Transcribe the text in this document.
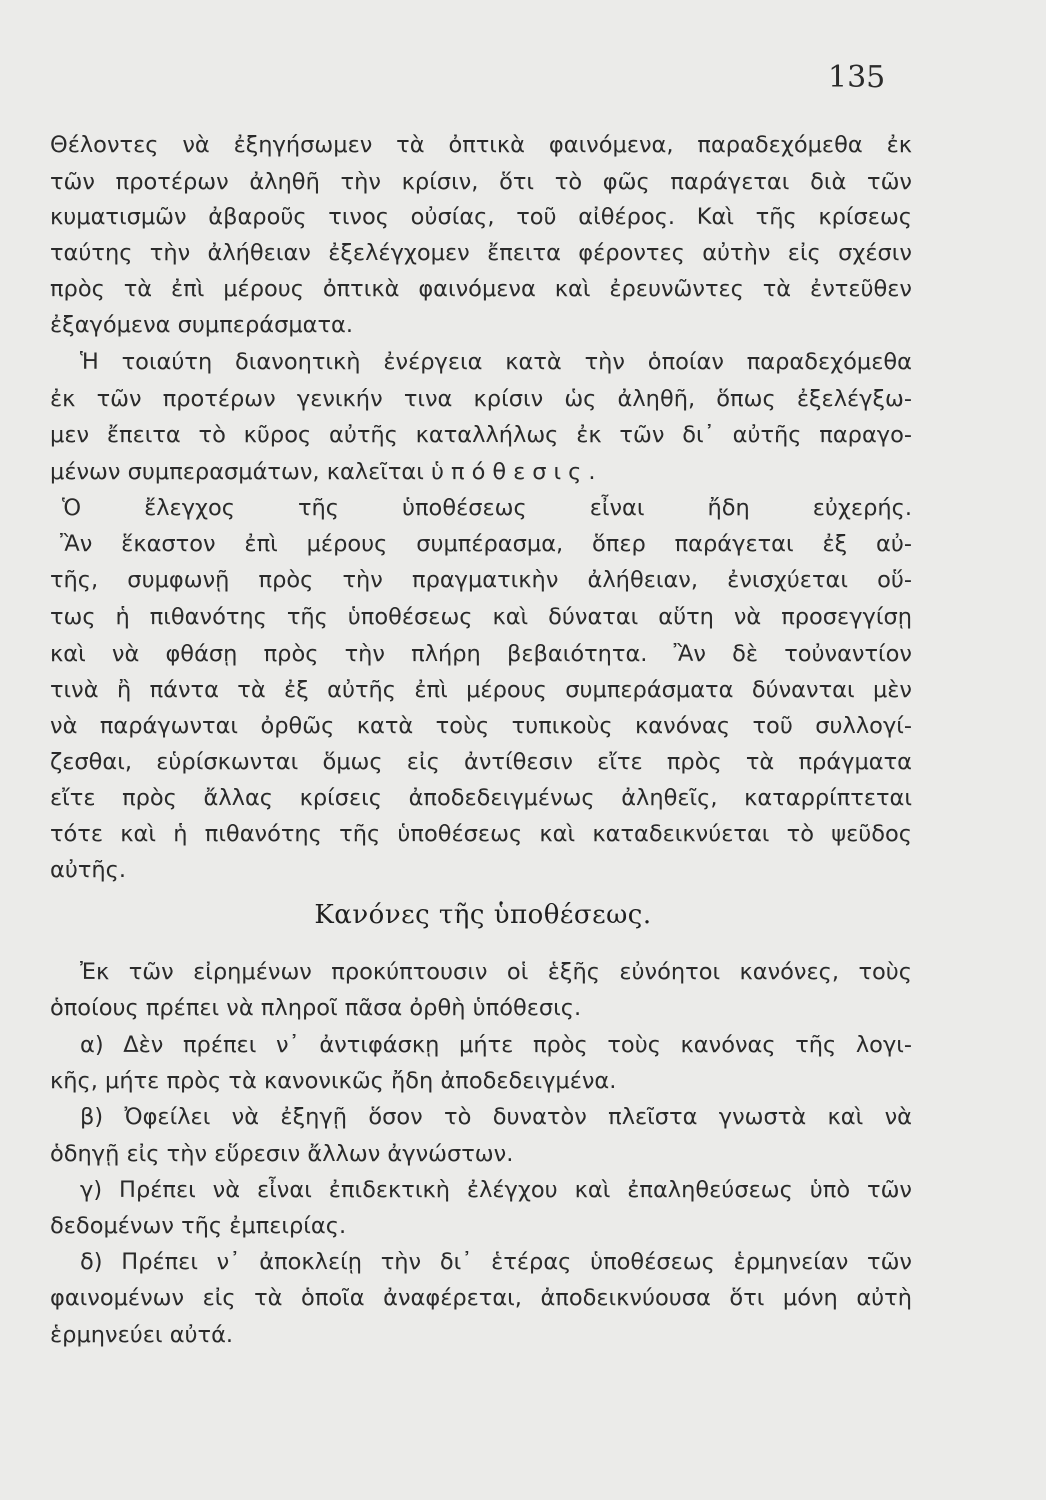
135
Θέλοντες νὰ ἐξηγήσωμεν τὰ ὀπτικὰ φαινόμενα, παραδεχόμεθα ἐκ
τῶν προτέρων ἀληθῆ τὴν κρίσιν, ὅτι τὸ φῶς παράγεται διὰ τῶν
κυματισμῶν ἀβαροῦς τινος οὐσίας, τοῦ αἰθέρος. Καὶ τῆς κρίσεως
ταύτης τὴν ἀλήθειαν ἐξελέγχομεν ἔπειτα φέροντες αὐτὴν εἰς σχέσιν
πρὸς τὰ ἐπὶ μέρους ὀπτικὰ φαινόμενα καὶ ἐρευνῶντες τὰ ἐντεῦθεν
ἐξαγόμενα συμπεράσματα.
Ἡ τοιαύτη διανοητικὴ ἐνέργεια κατὰ τὴν ὁποίαν παραδεχόμεθα
ἐκ τῶν προτέρων γενικήν τινα κρίσιν ὡς ἀληθῆ, ὅπως ἐξελέγξω-
μεν ἔπειτα τὸ κῦρος αὐτῆς καταλλήλως ἐκ τῶν δι᾽ αὐτῆς παραγο-
μένων συμπερασμάτων, καλεῖται ὑπόθεσις.
Ὁ ἔλεγχος τῆς ὑποθέσεως εἶναι ἤδη εὐχερής.
Ἂν ἕκαστον ἐπὶ μέρους συμπέρασμα, ὅπερ παράγεται ἐξ αὐ-
τῆς, συμφωνῇ πρὸς τὴν πραγματικὴν ἀλήθειαν, ἐνισχύεται οὕ-
τως ἡ πιθανότης τῆς ὑποθέσεως καὶ δύναται αὕτη νὰ προσεγγίσῃ
καὶ νὰ φθάσῃ πρὸς τὴν πλήρη βεβαιότητα. Ἂν δὲ τοὐναντίον
τινὰ ἢ πάντα τὰ ἐξ αὐτῆς ἐπὶ μέρους συμπεράσματα δύνανται μὲν
νὰ παράγωνται ὀρθῶς κατὰ τοὺς τυπικοὺς κανόνας τοῦ συλλογί-
ζεσθαι, εὑρίσκωνται ὅμως εἰς ἀντίθεσιν εἴτε πρὸς τὰ πράγματα
εἴτε πρὸς ἄλλας κρίσεις ἀποδεδειγμένως ἀληθεῖς, καταρρίπτεται
τότε καὶ ἡ πιθανότης τῆς ὑποθέσεως καὶ καταδεικνύεται τὸ ψεῦδος
αὐτῆς.
Κανόνες τῆς ὑποθέσεως.
Ἐκ τῶν εἰρημένων προκύπτουσιν οἱ ἑξῆς εὐνόητοι κανόνες, τοὺς
ὁποίους πρέπει νὰ πληροῖ πᾶσα ὀρθὴ ὑπόθεσις.
α) Δὲν πρέπει ν᾽ ἀντιφάσκῃ μήτε πρὸς τοὺς κανόνας τῆς λογι-
κῆς, μήτε πρὸς τὰ κανονικῶς ἤδη ἀποδεδειγμένα.
β) Ὀφείλει νὰ ἐξηγῇ ὅσον τὸ δυνατὸν πλεῖστα γνωστὰ καὶ νὰ
ὁδηγῇ εἰς τὴν εὕρεσιν ἄλλων ἀγνώστων.
γ) Πρέπει νὰ εἶναι ἐπιδεκτικὴ ἐλέγχου καὶ ἐπαληθεύσεως ὑπὸ τῶν
δεδομένων τῆς ἐμπειρίας.
δ) Πρέπει ν᾽ ἀποκλείῃ τὴν δι᾽ ἑτέρας ὑποθέσεως ἑρμηνείαν τῶν
φαινομένων εἰς τὰ ὁποῖα ἀναφέρεται, ἀποδεικνύουσα ὅτι μόνη αὐτὴ
ἑρμηνεύει αὐτά.
